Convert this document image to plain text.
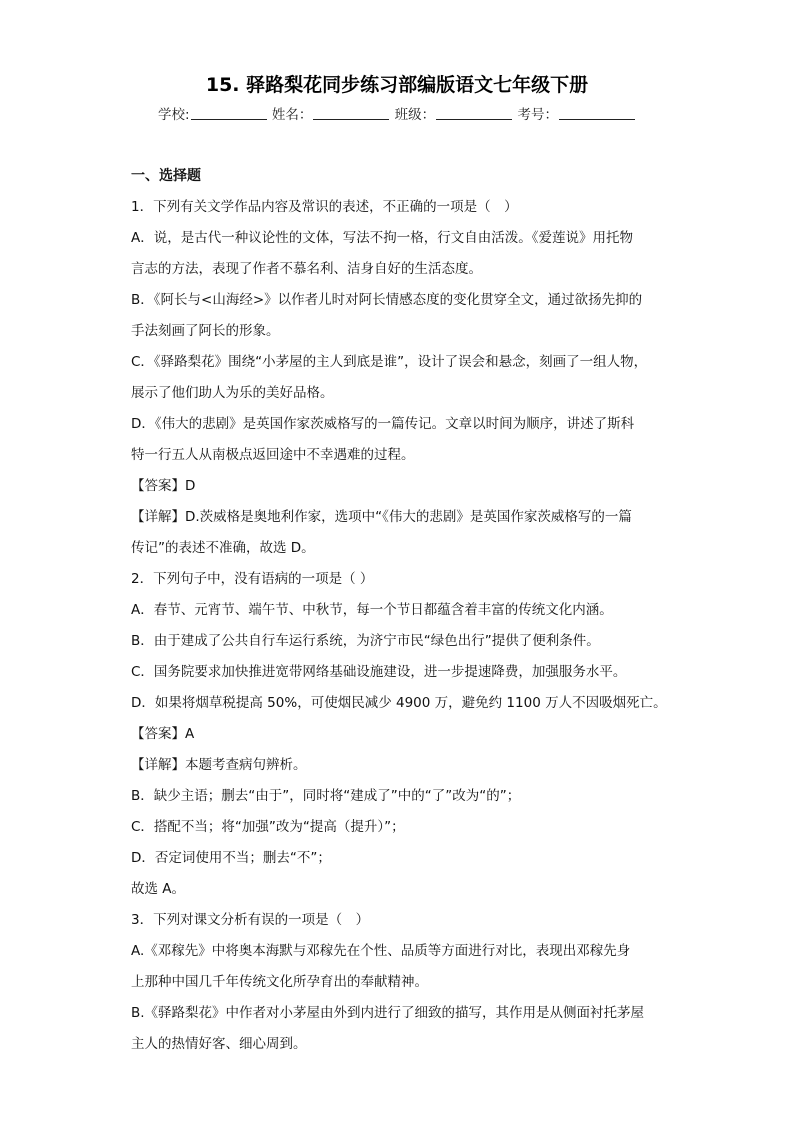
15. 驿路梨花同步练习部编版语文七年级下册
学校:	姓名：	班级：	考号：
一、选择题
1．下列有关文学作品内容及常识的表述，不正确的一项是（　）
A．说，是古代一种议论性的文体，写法不拘一格，行文自由活泼。《爱莲说》用托物
言志的方法，表现了作者不慕名利、洁身自好的生活态度。
B．《阿长与<山海经>》以作者儿时对阿长情感态度的变化贯穿全文，通过欲扬先抑的
手法刻画了阿长的形象。
C．《驿路梨花》围绕“小茅屋的主人到底是谁”，设计了误会和悬念，刻画了一组人物，
展示了他们助人为乐的美好品格。
D．《伟大的悲剧》是英国作家茨威格写的一篇传记。文章以时间为顺序，讲述了斯科
特一行五人从南极点返回途中不幸遇难的过程。
【答案】D
【详解】D.茨威格是奥地利作家，选项中“《伟大的悲剧》是英国作家茨威格写的一篇
传记”的表述不准确，故选 D。
2．下列句子中，没有语病的一项是（ ）
A．春节、元宵节、端午节、中秋节，每一个节日都蕴含着丰富的传统文化内涵。
B．由于建成了公共自行车运行系统，为济宁市民“绿色出行”提供了便利条件。
C．国务院要求加快推进宽带网络基础设施建设，进一步提速降费，加强服务水平。
D．如果将烟草税提高 50%，可使烟民减少 4900 万，避免约 1100 万人不因吸烟死亡。
【答案】A
【详解】本题考查病句辨析。
B．缺少主语；删去“由于”，同时将“建成了”中的“了”改为“的”；
C．搭配不当；将“加强”改为“提高（提升）”；
D．否定词使用不当；删去“不”；
故选 A。
3．下列对课文分析有误的一项是（　）
A.《邓稼先》中将奥本海默与邓稼先在个性、品质等方面进行对比，表现出邓稼先身
上那种中国几千年传统文化所孕育出的奉献精神。
B.《驿路梨花》中作者对小茅屋由外到内进行了细致的描写，其作用是从侧面衬托茅屋
主人的热情好客、细心周到。
